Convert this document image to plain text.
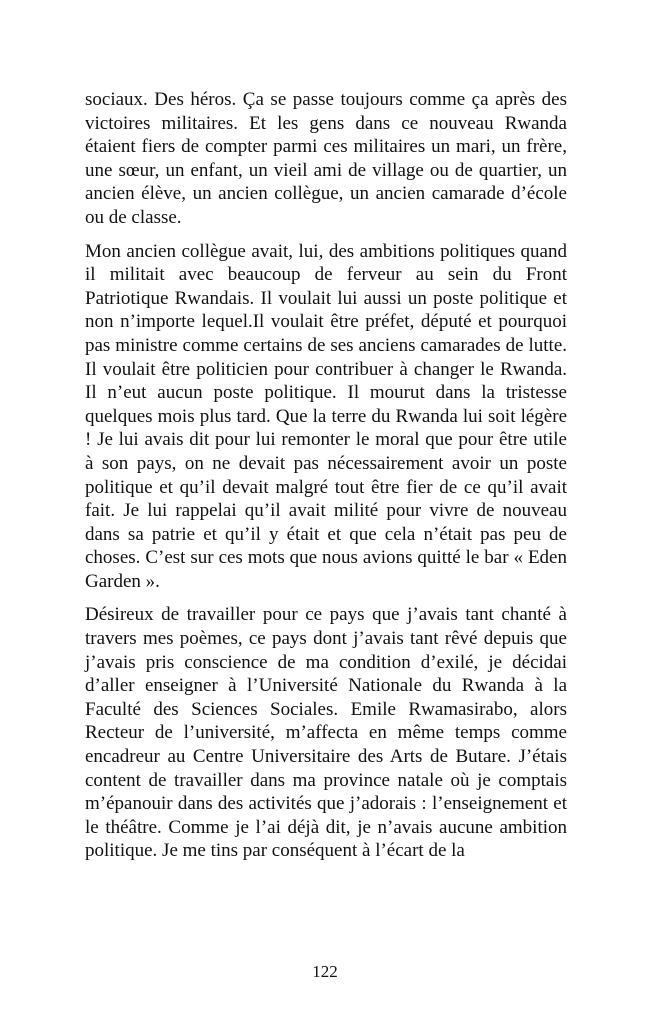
sociaux. Des héros. Ça se passe toujours comme ça après des victoires militaires. Et les gens dans ce nouveau Rwanda étaient fiers de compter parmi ces militaires un mari, un frère, une sœur, un enfant, un vieil ami de village ou de quartier, un ancien élève, un ancien collègue, un ancien camarade d’école ou de classe.

Mon ancien collègue avait, lui, des ambitions politiques quand il militait avec beaucoup de ferveur au sein du Front Patriotique Rwandais. Il voulait lui aussi un poste politique et non n’importe lequel.Il voulait être préfet, député et pourquoi pas ministre comme certains de ses anciens camarades de lutte. Il voulait être politicien pour contribuer à changer le Rwanda. Il n’eut aucun poste politique. Il mourut dans la tristesse quelques mois plus tard. Que la terre du Rwanda lui soit légère ! Je lui avais dit pour lui remonter le moral que pour être utile à son pays, on ne devait pas nécessairement avoir un poste politique et qu’il devait malgré tout être fier de ce qu’il avait fait. Je lui rappelai qu’il avait milité pour vivre de nouveau dans sa patrie et qu’il y était et que cela n’était pas peu de choses. C’est sur ces mots que nous avions quitté le bar « Eden Garden ».

Désireux de travailler pour ce pays que j’avais tant chanté à travers mes poèmes, ce pays dont j’avais tant rêvé depuis que j’avais pris conscience de ma condition d’exilé, je décidai d’aller enseigner à l’Université Nationale du Rwanda à la Faculté des Sciences Sociales. Emile Rwamasirabo, alors Recteur de l’université, m’affecta en même temps comme encadreur au Centre Universitaire des Arts de Butare. J’étais content de travailler dans ma province natale où je comptais m’épanouir dans des activités que j’adorais : l’enseignement et le théâtre. Comme je l’ai déjà dit, je n’avais aucune ambition politique. Je me tins par conséquent à l’écart de la

122
